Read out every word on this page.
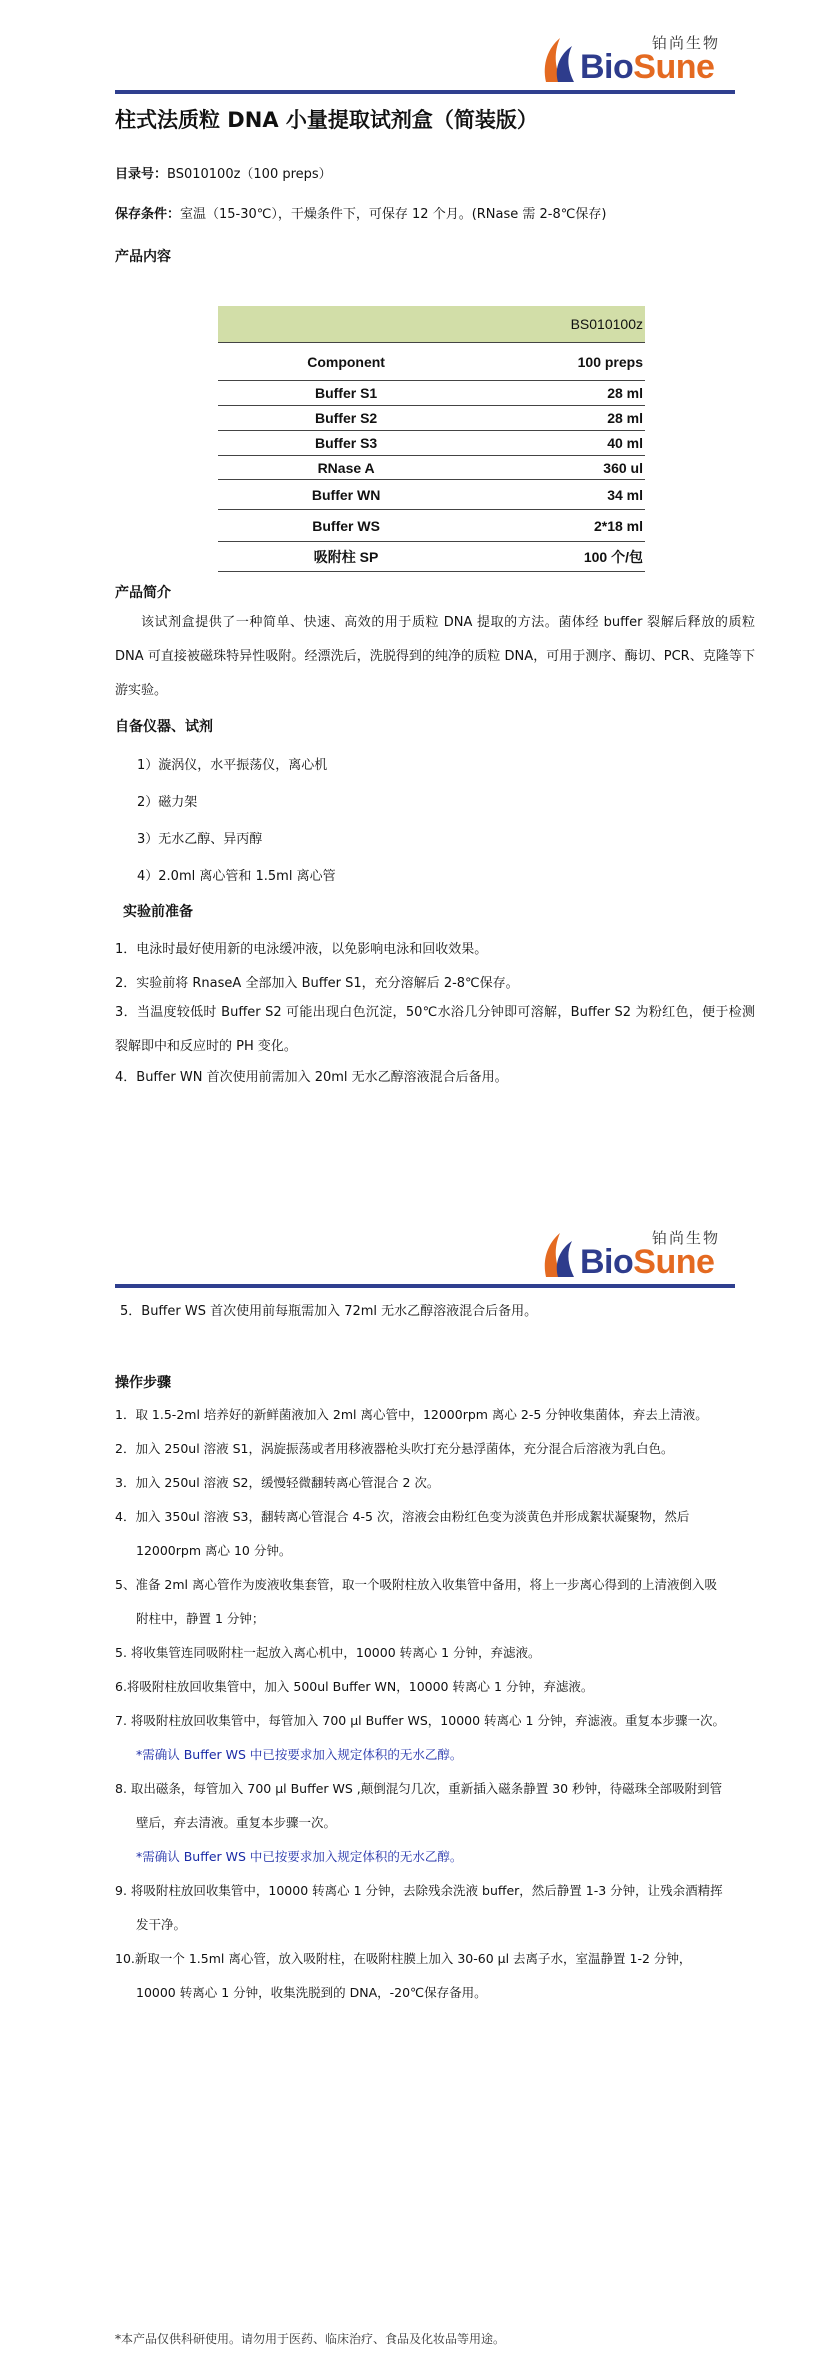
铂尚生物
BioSune
柱式法质粒 DNA 小量提取试剂盒（简装版）
目录号：BS010100z（100 preps）
保存条件：室温（15-30℃），干燥条件下，可保存 12 个月。(RNase 需 2-8℃保存)
产品内容
	BS010100z
Component	100 preps
Buffer S1	28 ml
Buffer S2	28 ml
Buffer S3	40 ml
RNase A	360 ul
Buffer WN	34 ml
Buffer WS	2*18 ml
吸附柱 SP	100 个/包
产品简介
该试剂盒提供了一种简单、快速、高效的用于质粒 DNA 提取的方法。菌体经 buffer 裂解后释放的质粒 DNA 可直接被磁珠特异性吸附。经漂洗后，洗脱得到的纯净的质粒 DNA，可用于测序、酶切、PCR、克隆等下游实验。
自备仪器、试剂
1）漩涡仪，水平振荡仪，离心机
2）磁力架
3）无水乙醇、异丙醇
4）2.0ml 离心管和 1.5ml 离心管
实验前准备
1．电泳时最好使用新的电泳缓冲液，以免影响电泳和回收效果。
2．实验前将 RnaseA 全部加入 Buffer S1，充分溶解后 2-8℃保存。
3．当温度较低时 Buffer S2 可能出现白色沉淀，50℃水浴几分钟即可溶解，Buffer S2 为粉红色，便于检测裂解即中和反应时的 PH 变化。
4．Buffer WN 首次使用前需加入 20ml 无水乙醇溶液混合后备用。
铂尚生物
BioSune
5．Buffer WS 首次使用前每瓶需加入 72ml 无水乙醇溶液混合后备用。
操作步骤
1．取 1.5-2ml 培养好的新鲜菌液加入 2ml 离心管中，12000rpm 离心 2-5 分钟收集菌体，弃去上清液。
2．加入 250ul 溶液 S1，涡旋振荡或者用移液器枪头吹打充分悬浮菌体，充分混合后溶液为乳白色。
3．加入 250ul 溶液 S2，缓慢轻微翻转离心管混合 2 次。
4．加入 350ul 溶液 S3，翻转离心管混合 4-5 次，溶液会由粉红色变为淡黄色并形成絮状凝聚物，然后
12000rpm 离心 10 分钟。
5、准备 2ml 离心管作为废液收集套管，取一个吸附柱放入收集管中备用，将上一步离心得到的上清液倒入吸
附柱中，静置 1 分钟；
5. 将收集管连同吸附柱一起放入离心机中，10000 转离心 1 分钟，弃滤液。
6.将吸附柱放回收集管中，加入 500ul Buffer WN，10000 转离心 1 分钟，弃滤液。
7. 将吸附柱放回收集管中，每管加入 700 μl Buffer WS，10000 转离心 1 分钟，弃滤液。重复本步骤一次。
*需确认 Buffer WS 中已按要求加入规定体积的无水乙醇。
8. 取出磁条，每管加入 700 μl Buffer WS ,颠倒混匀几次，重新插入磁条静置 30 秒钟，待磁珠全部吸附到管
壁后，弃去清液。重复本步骤一次。
*需确认 Buffer WS 中已按要求加入规定体积的无水乙醇。
9. 将吸附柱放回收集管中，10000 转离心 1 分钟，去除残余洗液 buffer，然后静置 1-3 分钟，让残余酒精挥
发干净。
10.新取一个 1.5ml 离心管，放入吸附柱，在吸附柱膜上加入 30-60 μl 去离子水，室温静置 1-2 分钟，
10000 转离心 1 分钟，收集洗脱到的 DNA，-20℃保存备用。
*本产品仅供科研使用。请勿用于医药、临床治疗、食品及化妆品等用途。
